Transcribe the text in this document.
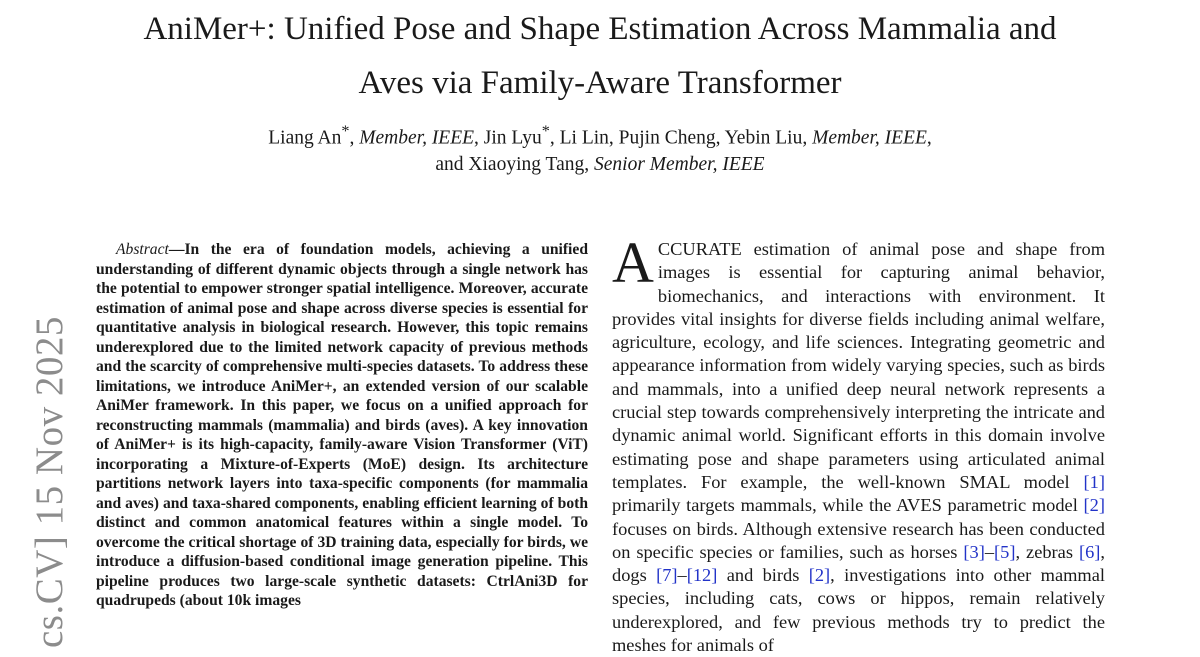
AniMer+: Unified Pose and Shape Estimation Across Mammalia and
Aves via Family-Aware Transformer
Liang An*, Member, IEEE, Jin Lyu*, Li Lin, Pujin Cheng, Yebin Liu, Member, IEEE,
and Xiaoying Tang, Senior Member, IEEE
cs.CV] 15 Nov 2025

Abstract—In the era of foundation models, achieving a unified understanding of different dynamic objects through a single network has the potential to empower stronger spatial intelligence. Moreover, accurate estimation of animal pose and shape across diverse species is essential for quantitative analysis in biological research. However, this topic remains underexplored due to the limited network capacity of previous methods and the scarcity of comprehensive multi-species datasets. To address these limitations, we introduce AniMer+, an extended version of our scalable AniMer framework. In this paper, we focus on a unified approach for reconstructing mammals (mammalia) and birds (aves). A key innovation of AniMer+ is its high-capacity, family-aware Vision Transformer (ViT) incorporating a Mixture-of-Experts (MoE) design. Its architecture partitions network layers into taxa-specific components (for mammalia and aves) and taxa-shared components, enabling efficient learning of both distinct and common anatomical features within a single model. To overcome the critical shortage of 3D training data, especially for birds, we introduce a diffusion-based conditional image generation pipeline. This pipeline produces two large-scale synthetic datasets: CtrlAni3D for quadrupeds (about 10k images

ACCURATE estimation of animal pose and shape from images is essential for capturing animal behavior, biomechanics, and interactions with environment. It provides vital insights for diverse fields including animal welfare, agriculture, ecology, and life sciences. Integrating geometric and appearance information from widely varying species, such as birds and mammals, into a unified deep neural network represents a crucial step towards comprehensively interpreting the intricate and dynamic animal world. Significant efforts in this domain involve estimating pose and shape parameters using articulated animal templates. For example, the well-known SMAL model [1] primarily targets mammals, while the AVES parametric model [2] focuses on birds. Although extensive research has been conducted on specific species or families, such as horses [3]–[5], zebras [6], dogs [7]–[12] and birds [2], investigations into other mammal species, including cats, cows or hippos, remain relatively underexplored, and few previous methods try to predict the meshes for animals of
